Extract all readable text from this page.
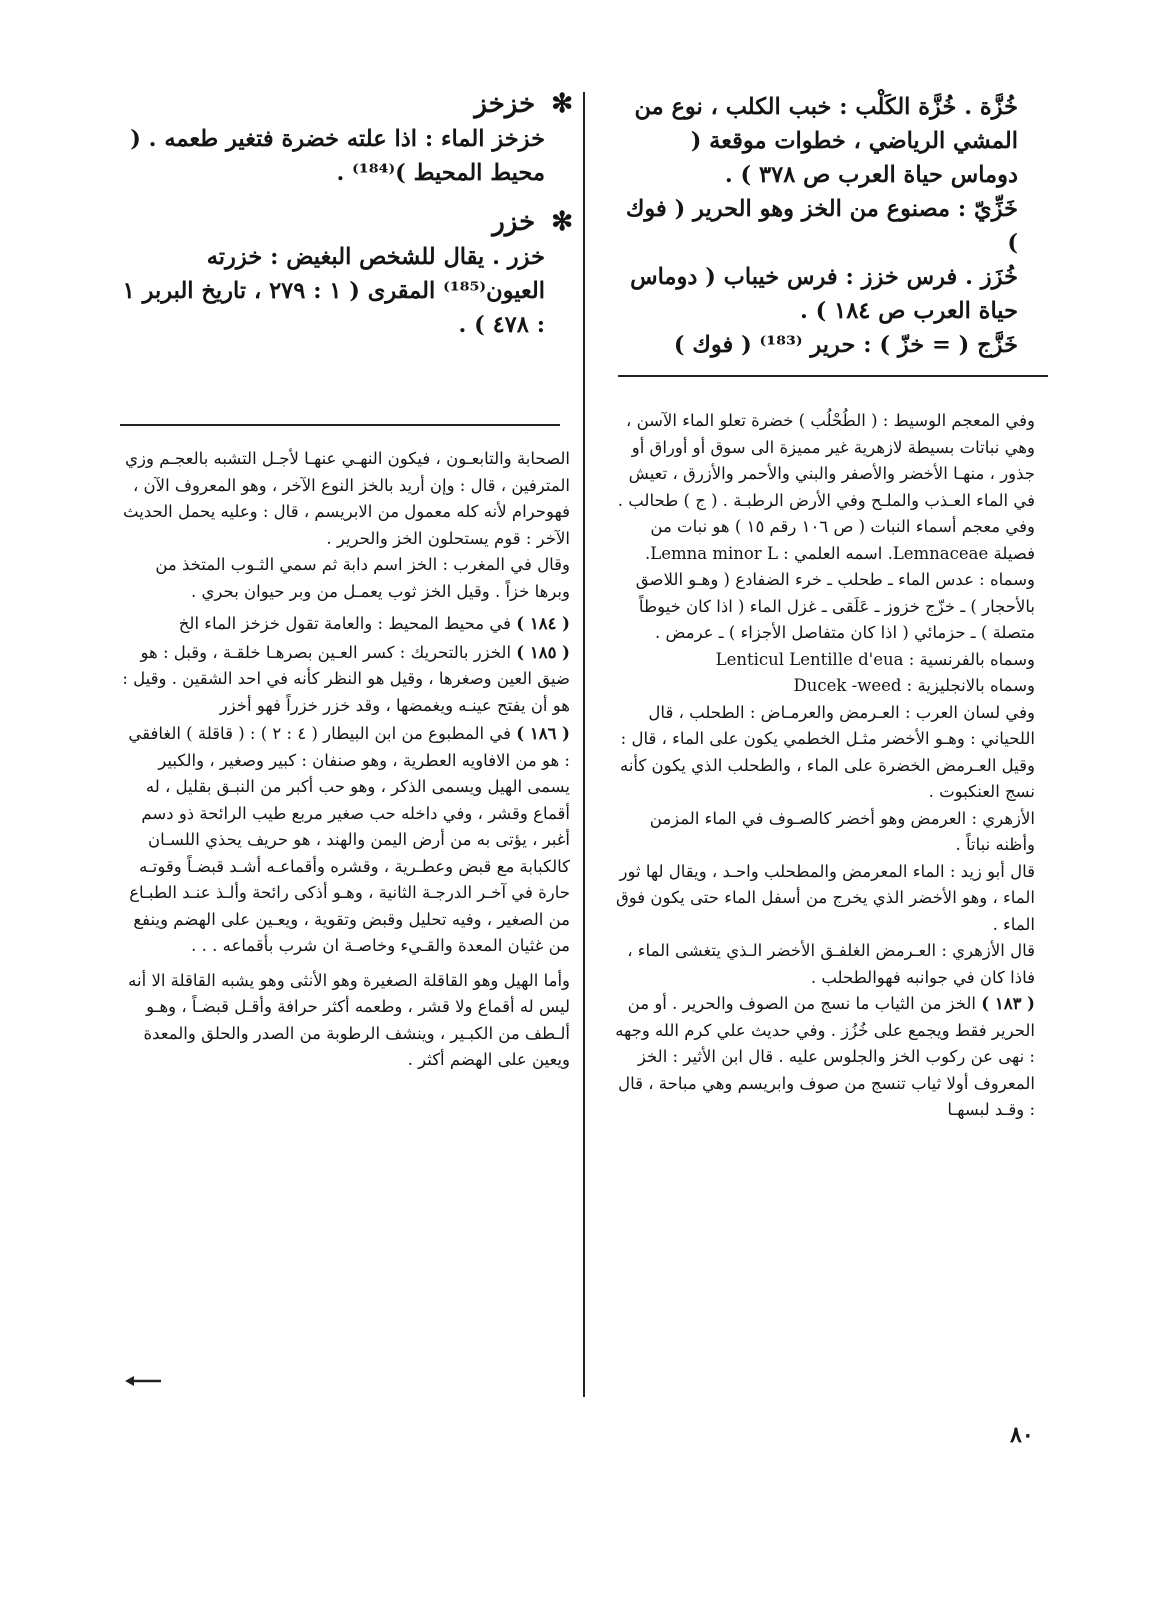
خُزَّة . خُزَّة الكَلْب : خبب الكلب ، نوع من المشي الرياضي ، خطوات موقعة ( دوماس حياة العرب ص ٣٧٨ ) .
خَزِّيّ : مصنوع من الخز وهو الحرير ( فوك )
خُزَز . فرس خزز : فرس خيباب ( دوماس حياة العرب ص ١٨٤ ) .
خَزَّج ( = خزّ ) : حرير ⁽¹⁸³⁾ ( فوك )
✻
خزخز

خزخز الماء : اذا علته خضرة فتغير طعمه . ( محيط المحيط )⁽¹⁸⁴⁾ .

✻
خزر

خزر . يقال للشخص البغيض : خزرته العيون⁽¹⁸⁵⁾ المقرى ( ١ : ٢٧٩ ، تاريخ البربر ١ : ٤٧٨ ) .

وفي المعجم الوسيط : ( الطُحْلُب ) خضرة تعلو الماء الآسن ، وهي نباتات بسيطة لازهرية غير مميزة الى سوق أو أوراق أو جذور ، منهـا الأخضر والأصفر والبني والأحمر والأزرق ، تعيش في الماء العـذب والملـح وفي الأرض الرطبـة . ( ج ) طحالب .

وفي معجم أسماء النبات ( ص ١٠٦ رقم ١٥ ) هو نبات من فصيلة Lemnaceae. اسمه العلمي : Lemna minor L.

وسماه : عدس الماء ـ طحلب ـ خرء الضفادع ( وهـو اللاصق بالأحجار ) ـ خزّج خزوز ـ عَلَقى ـ غزل الماء ( اذا كان خيوطاً متصلة ) ـ حزمائي ( اذا كان متفاصل الأجزاء ) ـ عرمض .

وسماه بالفرنسية : Lenticul Lentille d'eua

وسماه بالانجليزية : Ducek -weed

وفي لسان العرب : العـرمض والعرمـاض : الطحلب ، قال اللحياني : وهـو الأخضر مثـل الخطمي يكون على الماء ، قال : وقيل العـرمض الخضرة على الماء ، والطحلب الذي يكون كأنه نسج العنكبوت .

الأزهري : العرمض وهو أخضر كالصـوف في الماء المزمن وأظنه نباتاً .

قال أبو زيد : الماء المعرمض والمطحلب واحـد ، ويقال لها ثور الماء ، وهو الأخضر الذي يخرج من أسفل الماء حتى يكون فوق الماء .

قال الأزهري : العـرمض الغلفـق الأخضر الـذي يتغشى الماء ، فاذا كان في جوانبه فهوالطحلب .

( ١٨٣ ) الخز من الثياب ما نسج من الصوف والحرير . أو من الحرير فقط ويجمع على خُزُز . وفي حديث علي كرم الله وجهه : نهى عن ركوب الخز والجلوس عليه . قال ابن الأثير : الخز المعروف أولا ثياب تنسج من صوف وابريسم وهي مباحة ، قال : وقـد لبسهـا

الصحابة والتابعـون ، فيكون النهـي عنهـا لأجـل التشبه بالعجـم وزي المترفين ، قال : وإن أريد بالخز النوع الآخر ، وهو المعروف الآن ، فهوحرام لأنه كله معمول من الابريسم ، قال : وعليه يحمل الحديث الآخر : قوم يستحلون الخز والحرير .

وقال في المغرب : الخز اسم دابة ثم سمي الثـوب المتخذ من وبرها خزاً . وقيل الخز ثوب يعمـل من وبر حيوان بحري .

( ١٨٤ ) في محيط المحيط : والعامة تقول خزخز الماء الخ

( ١٨٥ ) الخزر بالتحريك : كسر العـين بصرهـا خلقـة ، وقبل : هو ضيق العين وصغرها ، وقيل هو النظر كأنه في احد الشقين . وقيل : هو أن يفتح عينـه ويغمضها ، وقد خزر خزراً فهو أخزر

( ١٨٦ ) في المطبوع من ابن البيطار ( ٤ : ٢ ) : ( قاقلة ) الغافقي : هو من الافاويه العطرية ، وهو صنفان : كبير وصغير ، والكبير يسمى الهيل ويسمى الذكر ، وهو حب أكبر من النبـق بقليل ، له أقماع وقشر ، وفي داخله حب صغير مربع طيب الرائحة ذو دسم أغبر ، يؤتى به من أرض اليمن والهند ، هو حريف يحذي اللسـان كالكبابة مع قبض وعطـرية ، وقشره وأقماعـه أشـد قبضـاً وقوتـه حارة في آخـر الدرجـة الثانية ، وهـو أذكى رائحة وألـذ عنـد الطبـاع من الصغير ، وفيه تحليل وقبض وتقوية ، ويعـين على الهضم وينفع من غثيان المعدة والقـيء وخاصـة ان شرب بأقماعه . . .

وأما الهيل وهو القاقلة الصغيرة وهو الأنثى وهو يشبه القاقلة الا أنه ليس له أقماع ولا قشر ، وطعمه أكثر حرافة وأقـل قبضـاً ، وهـو ألـطف من الكبـير ، وينشف الرطوبة من الصدر والحلق والمعدة ويعين على الهضم أكثر .

٨٠
